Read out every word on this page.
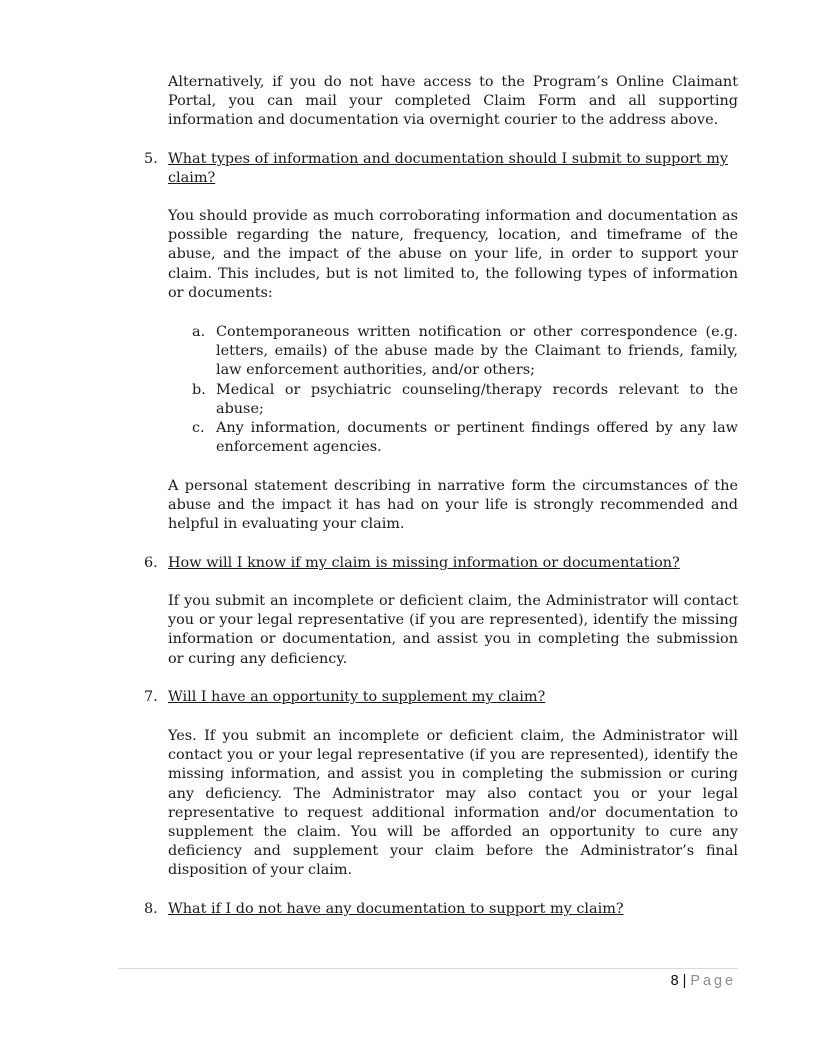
Alternatively, if you do not have access to the Program’s Online Claimant Portal, you can mail your completed Claim Form and all supporting information and documentation via overnight courier to the address above.

5. What types of information and documentation should I submit to support my claim?

You should provide as much corroborating information and documentation as possible regarding the nature, frequency, location, and timeframe of the abuse, and the impact of the abuse on your life, in order to support your claim. This includes, but is not limited to, the following types of information or documents:

a. Contemporaneous written notification or other correspondence (e.g. letters, emails) of the abuse made by the Claimant to friends, family, law enforcement authorities, and/or others;

b. Medical or psychiatric counseling/therapy records relevant to the abuse;

c. Any information, documents or pertinent findings offered by any law enforcement agencies.

A personal statement describing in narrative form the circumstances of the abuse and the impact it has had on your life is strongly recommended and helpful in evaluating your claim.

6. How will I know if my claim is missing information or documentation?

If you submit an incomplete or deficient claim, the Administrator will contact you or your legal representative (if you are represented), identify the missing information or documentation, and assist you in completing the submission or curing any deficiency.

7. Will I have an opportunity to supplement my claim?

Yes. If you submit an incomplete or deficient claim, the Administrator will contact you or your legal representative (if you are represented), identify the missing information, and assist you in completing the submission or curing any deficiency. The Administrator may also contact you or your legal representative to request additional information and/or documentation to supplement the claim. You will be afforded an opportunity to cure any deficiency and supplement your claim before the Administrator’s final disposition of your claim.

8. What if I do not have any documentation to support my claim?

8 | Page
